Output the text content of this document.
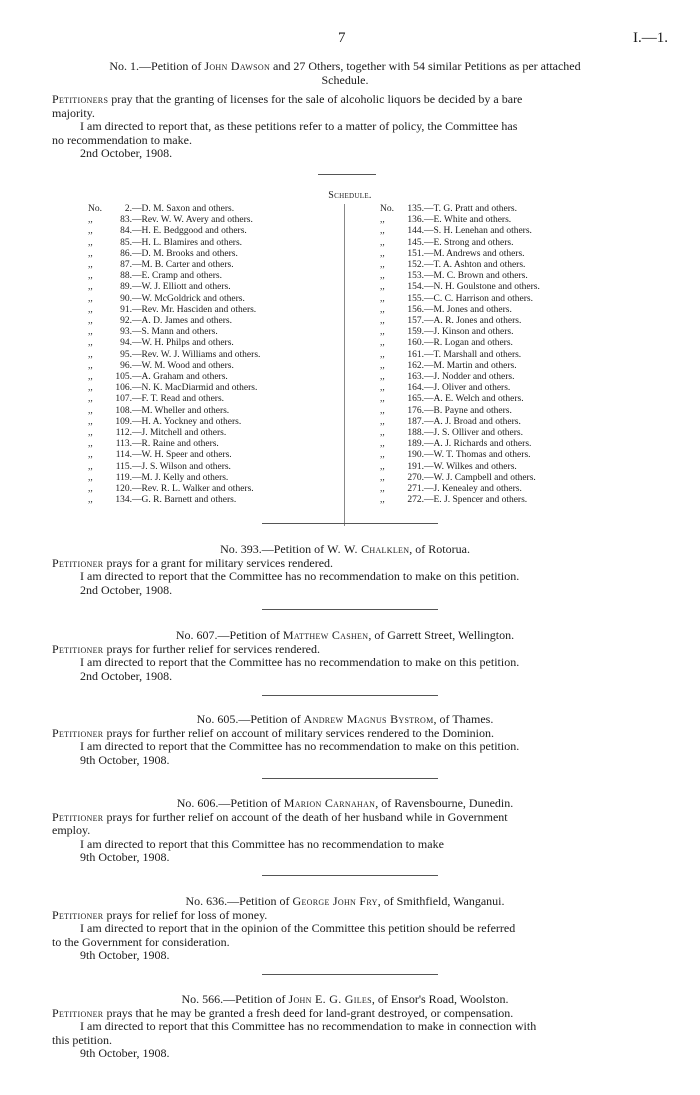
7	I.—1.

No. 1.—Petition of John Dawson and 27 Others, together with 54 similar Petitions as per attached

Schedule.

Petitioners pray that the granting of licenses for the sale of alcoholic liquors be decided by a bare

majority.

I am directed to report that, as these petitions refer to a matter of policy, the Committee has

no recommendation to make.

2nd October, 1908.

Schedule.
No. 2.—D. M. Saxon and others.
,,	83.—Rev. W. W. Avery and others.
,,	84.—H. E. Bedggood and others.
,,	85.—H. L. Blamires and others.
,,	86.—D. M. Brooks and others.
,,	87.—M. B. Carter and others.
,,	88.—E. Cramp and others.
,,	89.—W. J. Elliott and others.
,,	90.—W. McGoldrick and others.
,,	91.—Rev. Mr. Hasciden and others.
,,	92.—A. D. James and others.
,,	93.—S. Mann and others.
,,	94.—W. H. Philps and others.
,,	95.—Rev. W. J. Williams and others.
,,	96.—W. M. Wood and others.
,, 105.—A. Graham and others.
,, 106.—N. K. MacDiarmid and others.
,, 107.—F. T. Read and others.
,, 108.—M. Wheller and others.
,, 109.—H. A. Yockney and others.
,, 112.—J. Mitchell and others.
,, 113.—R. Raine and others.
,, 114.—W. H. Speer and others.
,, 115.—J. S. Wilson and others.
,, 119.—M. J. Kelly and others.
,, 120.—Rev. R. L. Walker and others.
,, 134.—G. R. Barnett and others.
No. 135.—T. G. Pratt and others.
,, 136.—E. White and others.
,, 144.—S. H. Lenehan and others.
,, 145.—E. Strong and others.
,, 151.—M. Andrews and others.
,, 152.—T. A. Ashton and others.
,, 153.—M. C. Brown and others.
,, 154.—N. H. Goulstone and others.
,, 155.—C. C. Harrison and others.
,, 156.—M. Jones and others.
,, 157.—A. R. Jones and others.
,, 159.—J. Kinson and others.
,, 160.—R. Logan and others.
,, 161.—T. Marshall and others.
,, 162.—M. Martin and others.
,, 163.—J. Nodder and others.
,, 164.—J. Oliver and others.
,, 165.—A. E. Welch and others.
,, 176.—B. Payne and others.
,, 187.—A. J. Broad and others.
,, 188.—J. S. Olliver and others.
,, 189.—A. J. Richards and others.
,, 190.—W. T. Thomas and others.
,, 191.—W. Wilkes and others.
,, 270.—W. J. Campbell and others.
,, 271.—J. Kenealey and others.
,, 272.—E. J. Spencer and others.

No. 393.—Petition of W. W. Chalklen, of Rotorua.

Petitioner prays for a grant for military services rendered.

I am directed to report that the Committee has no recommendation to make on this petition.

2nd October, 1908.

No. 607.—Petition of Matthew Cashen, of Garrett Street, Wellington.

Petitioner prays for further relief for services rendered.

I am directed to report that the Committee has no recommendation to make on this petition.

2nd October, 1908.

No. 605.—Petition of Andrew Magnus Bystrom, of Thames.

Petitioner prays for further relief on account of military services rendered to the Dominion.

I am directed to report that the Committee has no recommendation to make on this petition.

9th October, 1908.

No. 606.—Petition of Marion Carnahan, of Ravensbourne, Dunedin.

Petitioner prays for further relief on account of the death of her husband while in Government

employ.

I am directed to report that this Committee has no recommendation to make

9th October, 1908.

No. 636.—Petition of George John Fry, of Smithfield, Wanganui.

Petitioner prays for relief for loss of money.

I am directed to report that in the opinion of the Committee this petition should be referred

to the Government for consideration.

9th October, 1908.

No. 566.—Petition of John E. G. Giles, of Ensor's Road, Woolston.

Petitioner prays that he may be granted a fresh deed for land-grant destroyed, or compensation.

I am directed to report that this Committee has no recommendation to make in connection with

this petition.

9th October, 1908.
